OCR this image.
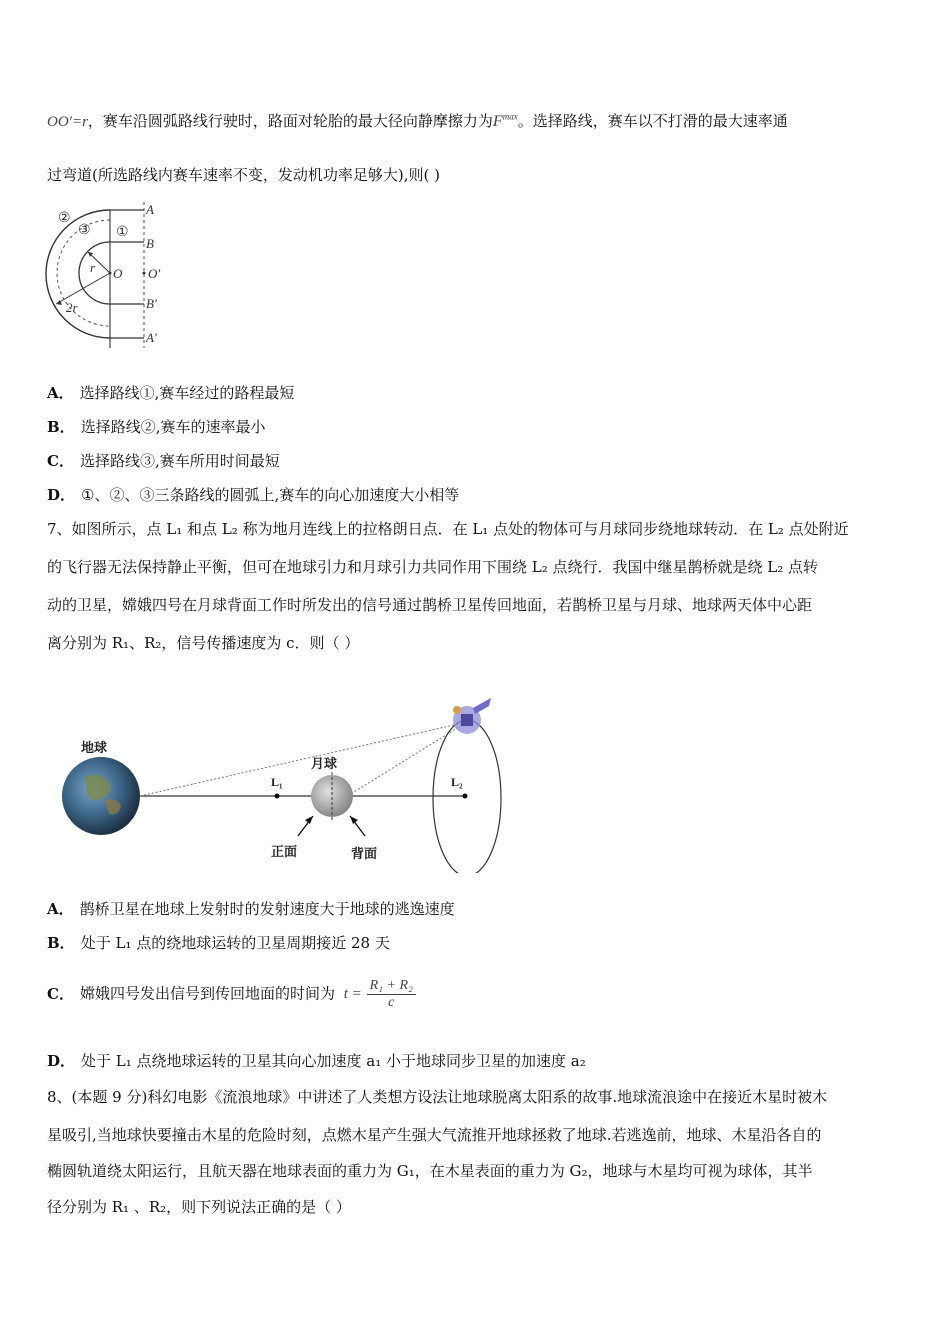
OO′=r，赛车沿圆弧路线行驶时，路面对轮胎的最大径向静摩擦力为$F^{max}$。选择路线，赛车以不打滑的最大速率通
过弯道(所选路线内赛车速率不变，发动机功率足够大),则( )
②
③ ①
A
B
O O′
B′
A′
r
2r
A． 选择路线①,赛车经过的路程最短
B． 选择路线②,赛车的速率最小
C． 选择路线③,赛车所用时间最短
D． ①、②、③三条路线的圆弧上,赛车的向心加速度大小相等
7、如图所示，点 L₁ 和点 L₂ 称为地月连线上的拉格朗日点．在 L₁ 点处的物体可与月球同步绕地球转动．在 L₂ 点处附近
的飞行器无法保持静止平衡，但可在地球引力和月球引力共同作用下围绕 L₂ 点绕行．我国中继星鹊桥就是绕 L₂ 点转
动的卫星，嫦娥四号在月球背面工作时所发出的信号通过鹊桥卫星传回地面，若鹊桥卫星与月球、地球两天体中心距
离分别为 R₁、R₂，信号传播速度为 c．则（ ）
地球
月球
L₁	L₂
正面	背面
A． 鹊桥卫星在地球上发射时的发射速度大于地球的逃逸速度
B． 处于 L₁ 点的绕地球运转的卫星周期接近 28 天
C． 嫦娥四号发出信号到传回地面的时间为 $t = \frac{\text{R₁ + R₂}}{c}$
D． 处于 L₁ 点绕地球运转的卫星其向心加速度 a₁ 小于地球同步卫星的加速度 a₂
8、(本题 9 分)科幻电影《流浪地球》中讲述了人类想方设法让地球脱离太阳系的故事.地球流浪途中在接近木星时被木
星吸引,当地球快要撞击木星的危险时刻，点燃木星产生强大气流推开地球拯救了地球.若逃逸前，地球、木星沿各自的
椭圆轨道绕太阳运行，且航天器在地球表面的重力为 G₁，在木星表面的重力为 G₂，地球与木星均可视为球体，其半
径分别为 R₁ 、R₂，则下列说法正确的是（ ）
